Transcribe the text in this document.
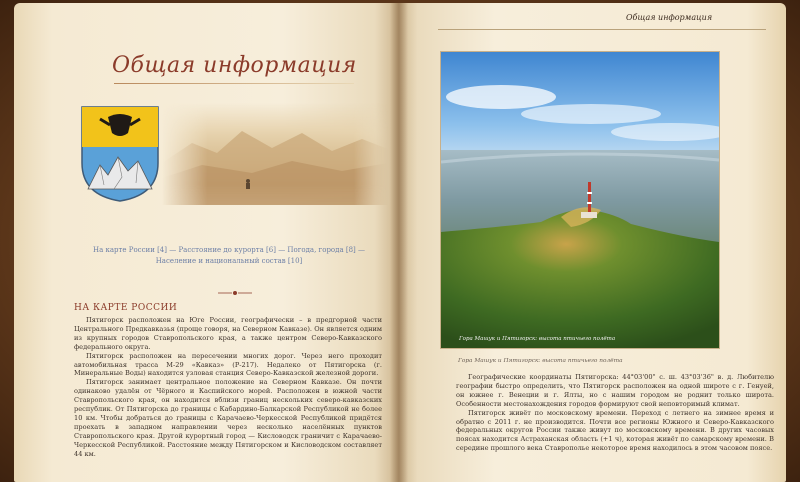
Общая информация
На карте России [4] — Расстояние до курорта [6] — Погода, города [8] — Население и национальный состав [10]
НА КАРТЕ РОССИИ

Пятигорск расположен на Юге России, географически – в предгорной части Центрального Предкавказья (проще говоря, на Северном Кавказе). Он является одним из крупных городов Ставропольского края, а также центром Северо-Кавказского федерального округа.

Пятигорск расположен на пересечении многих дорог. Через него проходит автомобильная трасса М-29 «Кавказ» (Р-217). Недалеко от Пятигорска (г. Минеральные Воды) находится узловая станция Северо-Кавказской железной дороги.

Пятигорск занимает центральное положение на Северном Кавказе. Он почти одинаково удалён от Чёрного и Каспийского морей. Расположен в южной части Ставропольского края, он находится вблизи границ нескольких северо-кавказских республик. От Пятигорска до границы с Кабардино-Балкарской Республикой не более 10 км. Чтобы добраться до границы с Карачаево-Черкесской Республикой придётся проехать в западном направлении через несколько населённых пунктов Ставропольского края. Другой курортный город — Кисловодск граничит с Карачаево-Черкесской Республикой. Расстояние между Пятигорском и Кисловодском составляет 44 км.

Общая информация
Гора Машук и Пятигорск: высота птичьего полёта
Гора Машук и Пятигорск: высота птичьего полёта

Географические координаты Пятигорска: 44°03'00" с. ш. 43°03'36" в. д. Любителю географии быстро определить, что Пятигорск расположен на одной широте с г. Генуей, он южнее г. Венеции и г. Ялты, но с нашим городом не роднит только широта. Особенности местонахождения городов формируют свой неповторимый климат.

Пятигорск живёт по московскому времени. Переход с летнего на зимнее время и обратно с 2011 г. не производится. Почти все регионы Южного и Северо-Кавказского федеральных округов России также живут по московскому времени. В других часовых поясах находится Астраханская область (+1 ч), которая живёт по самарскому времени. В середине прошлого века Ставрополье некоторое время находилось в этом часовом поясе.
